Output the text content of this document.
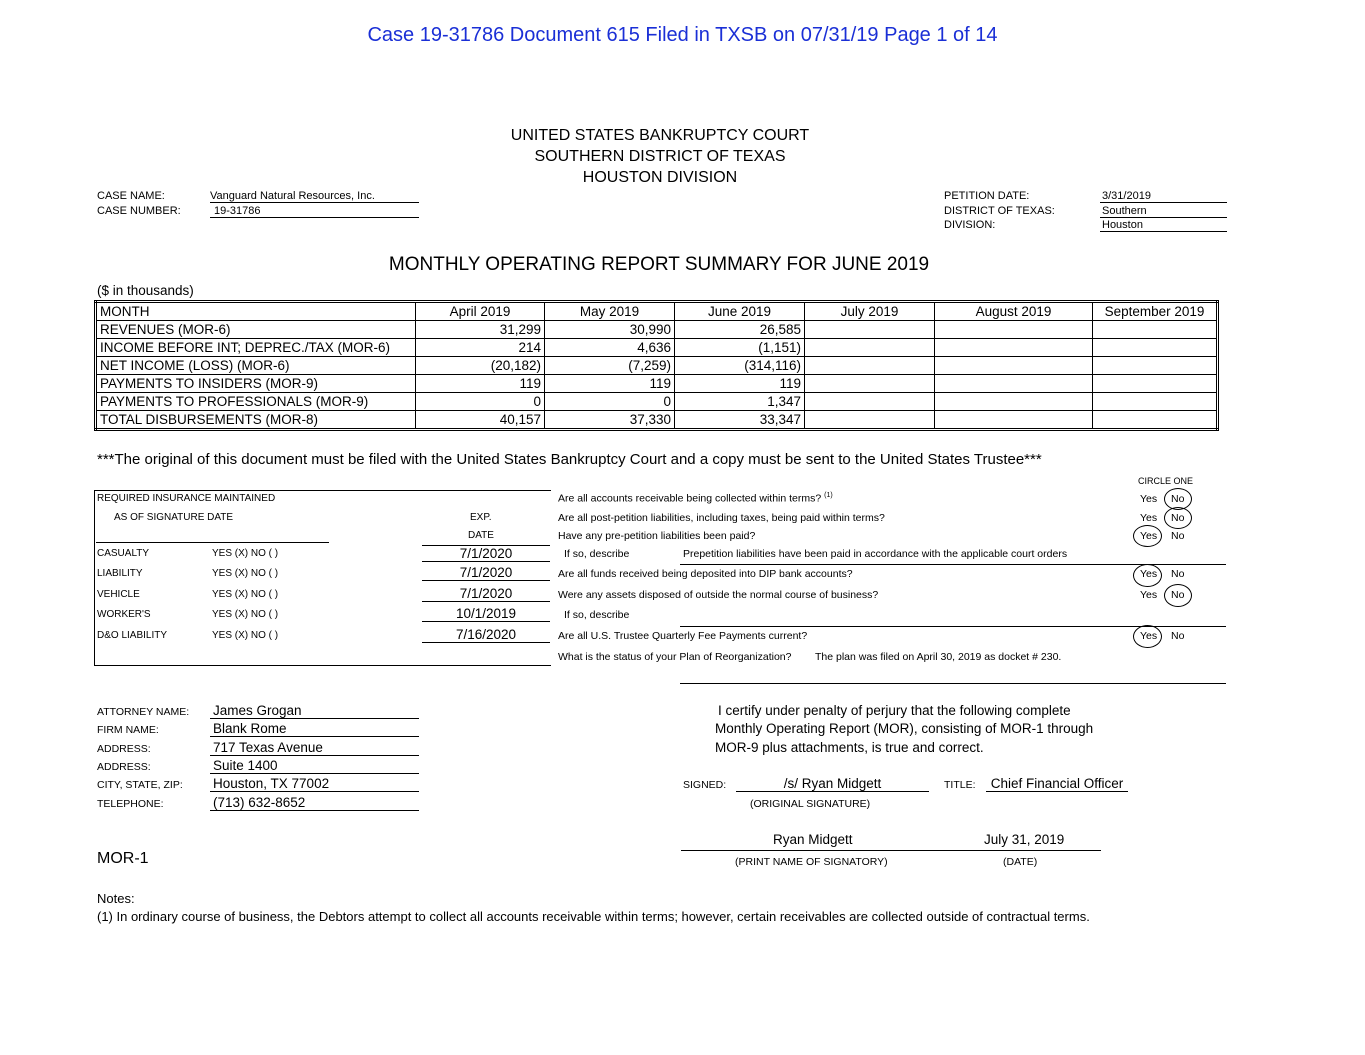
Case 19-31786 Document 615 Filed in TXSB on 07/31/19 Page 1 of 14
UNITED STATES BANKRUPTCY COURT
SOUTHERN DISTRICT OF TEXAS
HOUSTON DIVISION
CASE NAME:	Vanguard Natural Resources, Inc.
CASE NUMBER:	19-31786
PETITION DATE:	3/31/2019
DISTRICT OF TEXAS:	Southern
DIVISION:	Houston
MONTHLY OPERATING REPORT SUMMARY FOR JUNE 2019
($ in thousands)
MONTH	April 2019	May 2019	June 2019	July 2019	August 2019	September 2019
REVENUES (MOR-6)	31,299	30,990	26,585			
INCOME BEFORE INT; DEPREC./TAX (MOR-6)	214	4,636	(1,151)			
NET INCOME (LOSS) (MOR-6)	(20,182)	(7,259)	(314,116)			
PAYMENTS TO INSIDERS (MOR-9)	119	119	119			
PAYMENTS TO PROFESSIONALS (MOR-9)	0	0	1,347			
TOTAL DISBURSEMENTS (MOR-8)	40,157	37,330	33,347			
***The original of this document must be filed with the United States Bankruptcy Court and a copy must be sent to the United States Trustee***
CIRCLE ONE
REQUIRED INSURANCE MAINTAINED
AS OF SIGNATURE DATE	EXP.
DATE
CASUALTY	YES (X) NO ( )	7/1/2020
LIABILITY	YES (X) NO ( )	7/1/2020
VEHICLE	YES (X) NO ( )	7/1/2020
WORKER'S	YES (X) NO ( )	10/1/2019
D&O LIABILITY	YES (X) NO ( )	7/16/2020
Are all accounts receivable being collected within terms? $^{(1)}$	Yes No
Are all post-petition liabilities, including taxes, being paid within terms?	Yes No
Have any pre-petition liabilities been paid?	Yes No
If so, describe	Prepetition liabilities have been paid in accordance with the applicable court orders
Are all funds received being deposited into DIP bank accounts?	Yes No
Were any assets disposed of outside the normal course of business?	Yes No
If so, describe
Are all U.S. Trustee Quarterly Fee Payments current?	Yes No
What is the status of your Plan of Reorganization? The plan was filed on April 30, 2019 as docket # 230.
ATTORNEY NAME: James Grogan
FIRM NAME:	Blank Rome
ADDRESS:	717 Texas Avenue
ADDRESS:	Suite 1400
CITY, STATE, ZIP: Houston, TX 77002
TELEPHONE:	(713) 632-8652
I certify under penalty of perjury that the following complete
Monthly Operating Report (MOR), consisting of MOR-1 through
MOR-9 plus attachments, is true and correct.
SIGNED:	/s/ Ryan Midgett	TITLE:	Chief Financial Officer
(ORIGINAL SIGNATURE)
Ryan Midgett	July 31, 2019
(PRINT NAME OF SIGNATORY)	(DATE)
MOR-1
Notes:
(1) In ordinary course of business, the Debtors attempt to collect all accounts receivable within terms; however, certain receivables are collected outside of contractual terms.
